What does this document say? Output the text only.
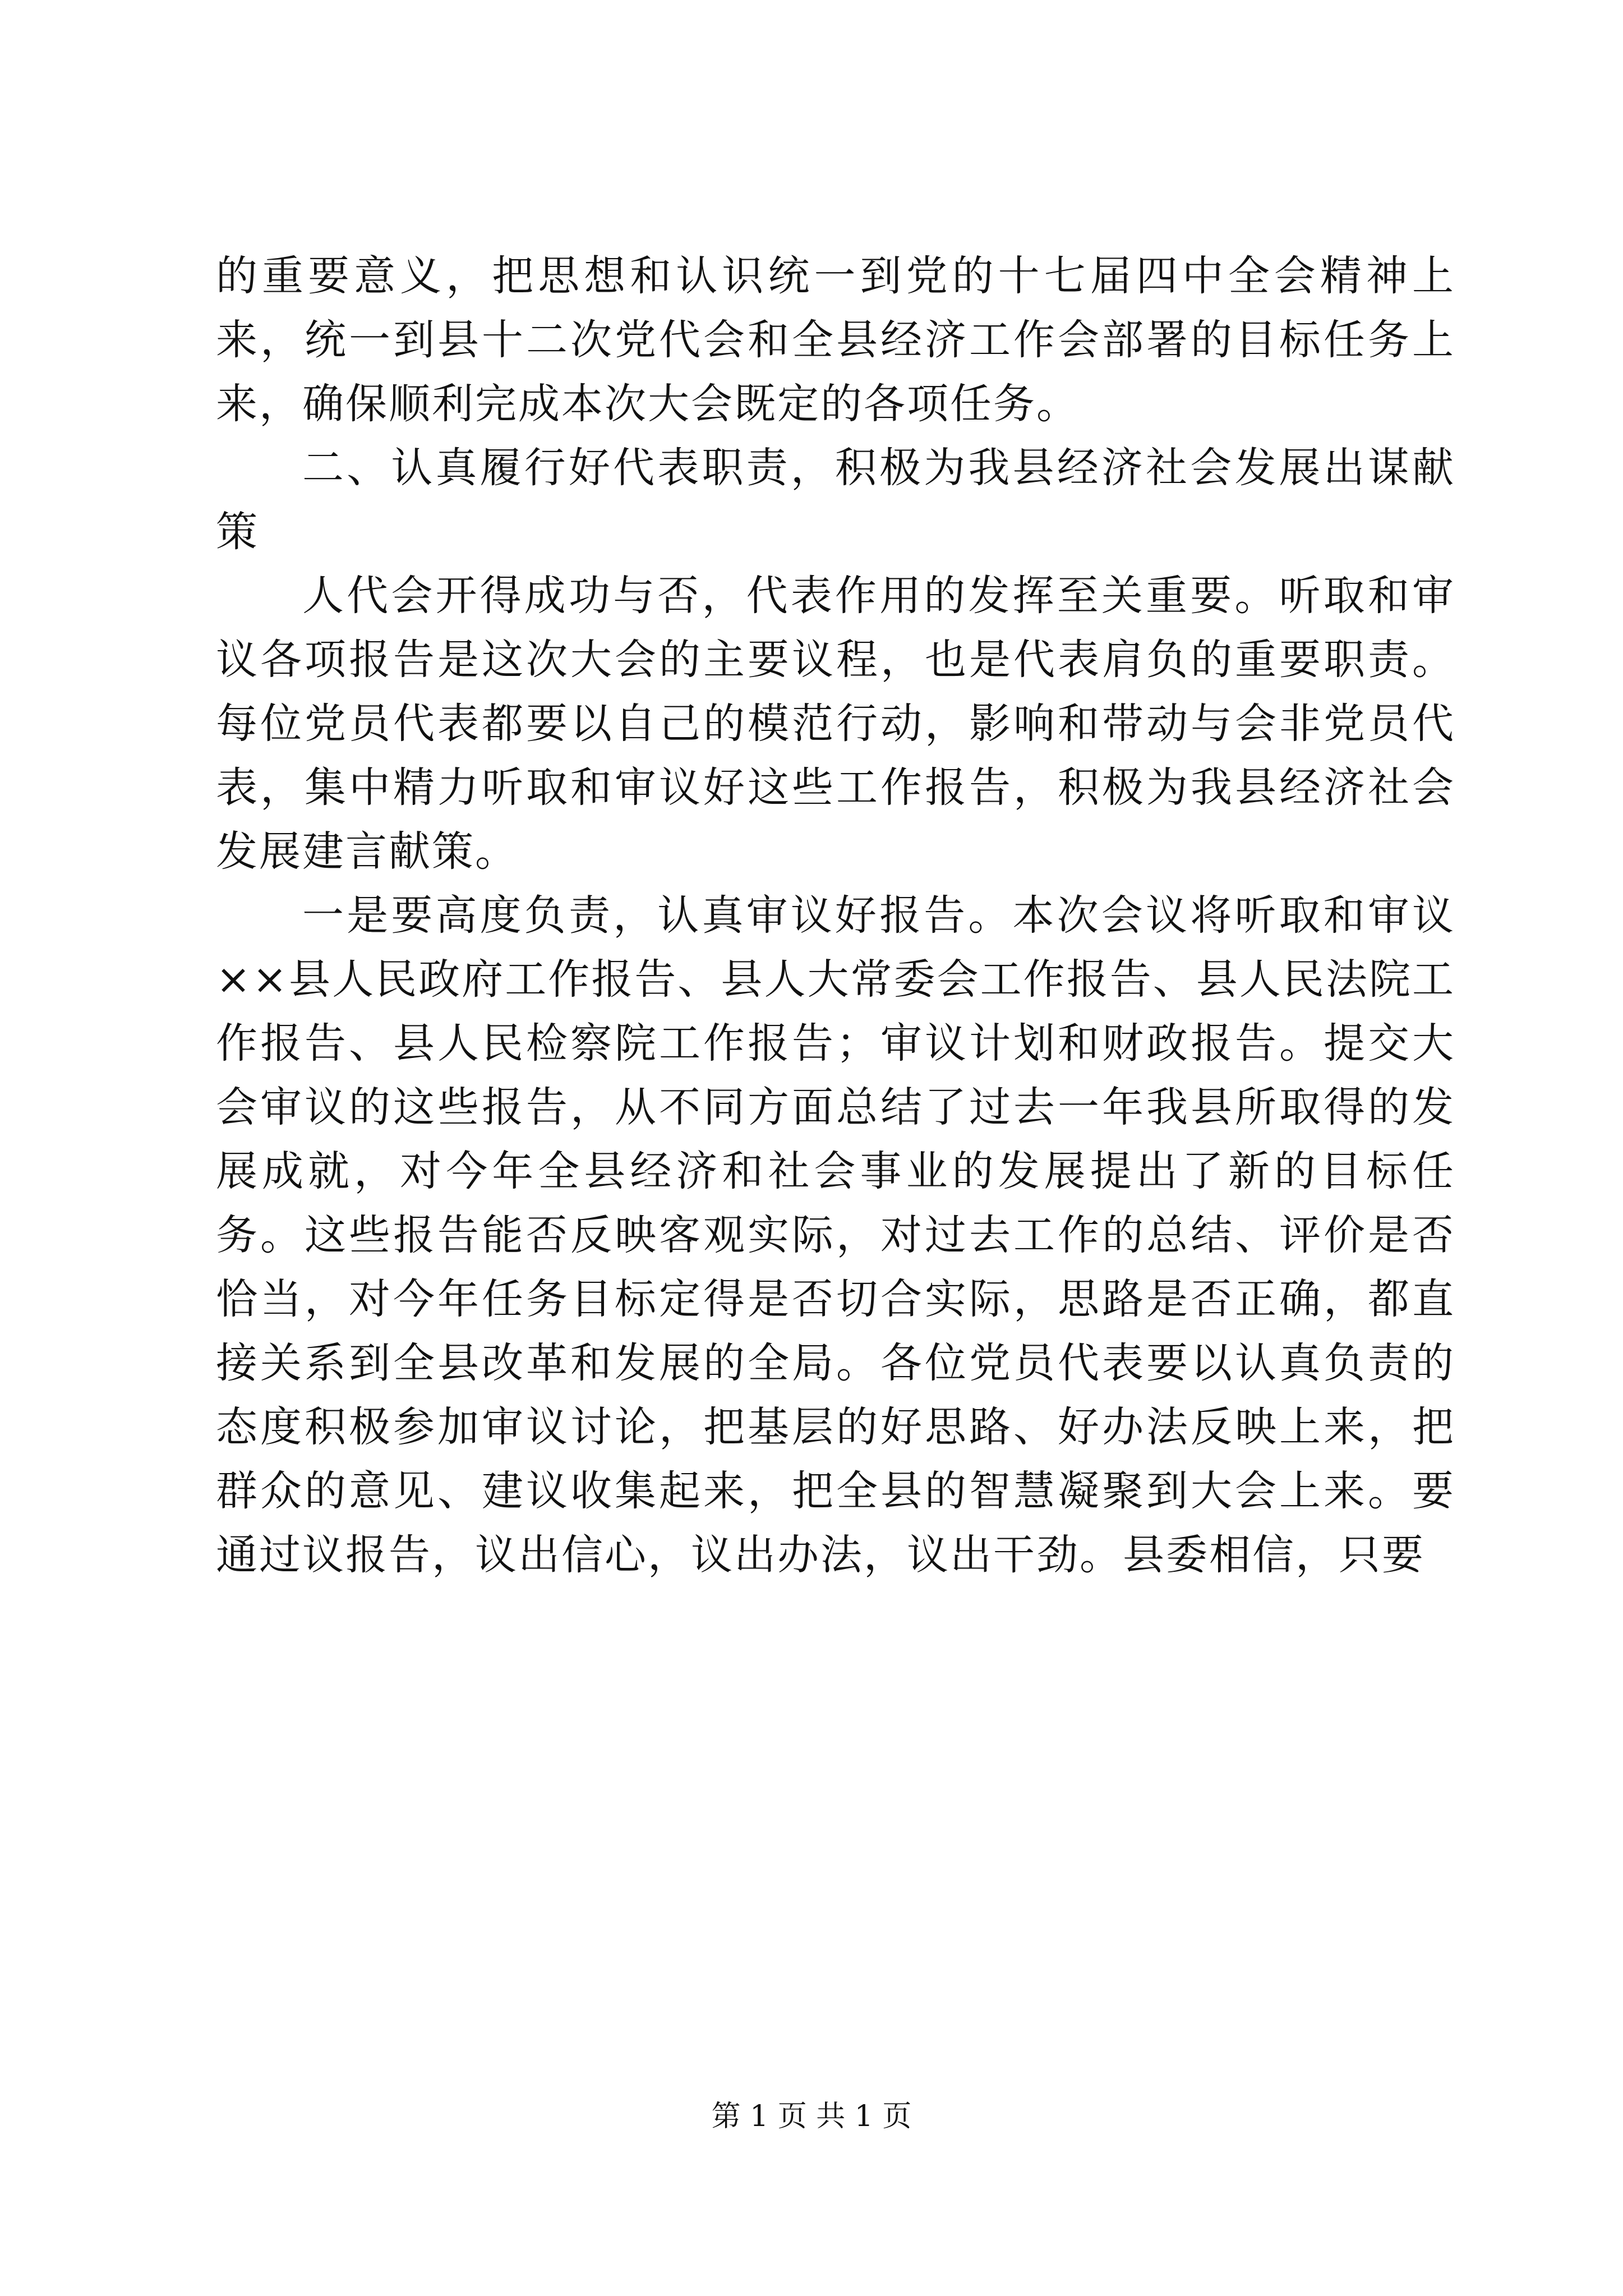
的重要意义，把思想和认识统一到党的十七届四中全会精神上来，统一到县十二次党代会和全县经济工作会部署的目标任务上来，确保顺利完成本次大会既定的各项任务。

二、认真履行好代表职责，积极为我县经济社会发展出谋献策

人代会开得成功与否，代表作用的发挥至关重要。听取和审议各项报告是这次大会的主要议程，也是代表肩负的重要职责。每位党员代表都要以自己的模范行动，影响和带动与会非党员代表，集中精力听取和审议好这些工作报告，积极为我县经济社会发展建言献策。

一是要高度负责，认真审议好报告。本次会议将听取和审议××县人民政府工作报告、县人大常委会工作报告、县人民法院工作报告、县人民检察院工作报告；审议计划和财政报告。提交大会审议的这些报告，从不同方面总结了过去一年我县所取得的发展成就，对今年全县经济和社会事业的发展提出了新的目标任务。这些报告能否反映客观实际，对过去工作的总结、评价是否恰当，对今年任务目标定得是否切合实际，思路是否正确，都直接关系到全县改革和发展的全局。各位党员代表要以认真负责的态度积极参加审议讨论，把基层的好思路、好办法反映上来，把群众的意见、建议收集起来，把全县的智慧凝聚到大会上来。要通过议报告，议出信心，议出办法，议出干劲。县委相信，只要

第 1 页 共 1 页
